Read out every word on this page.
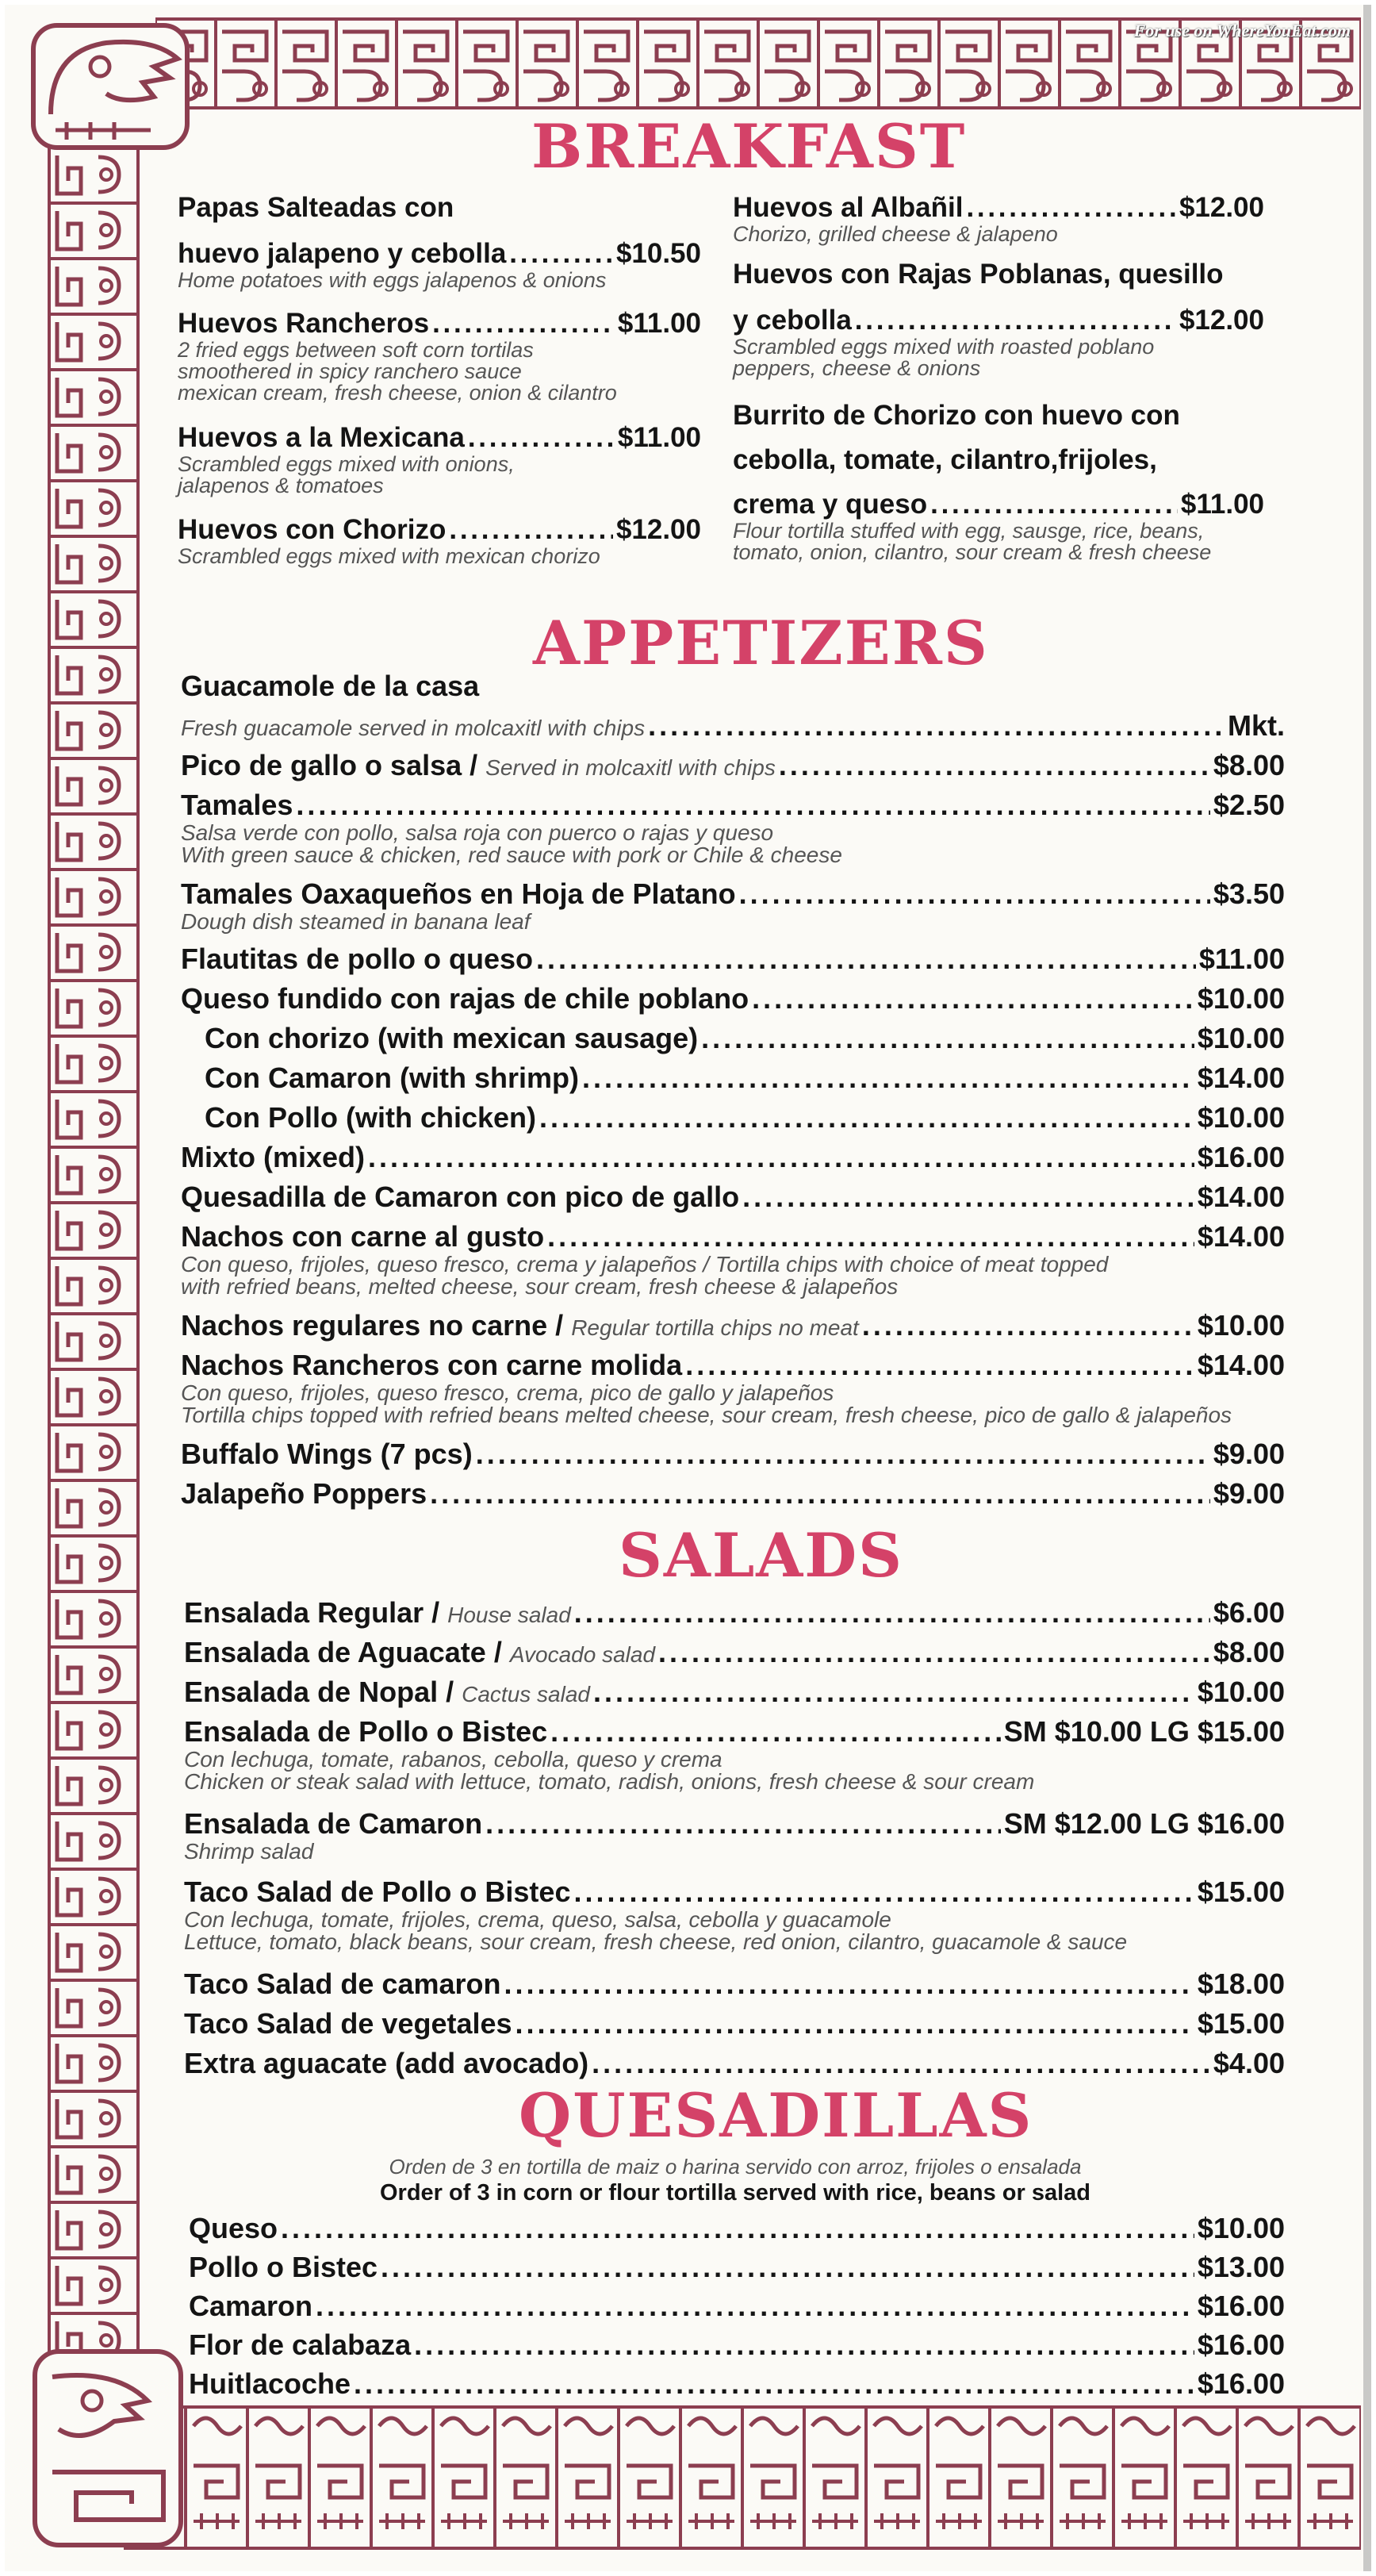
For use on WhereYouEat.com
BREAKFAST
Papas Salteadas con
huevo jalapeno y cebolla . . .	$10.50
Home potatoes with eggs jalapenos & onions
Huevos Rancheros . . .	$11.00
2 fried eggs between soft corn tortilas
smoothered in spicy ranchero sauce
mexican cream, fresh cheese, onion & cilantro
Huevos a la Mexicana . . .	$11.00
Scrambled eggs mixed with onions,
jalapenos & tomatoes
Huevos con Chorizo . . .	$12.00
Scrambled eggs mixed with mexican chorizo
Huevos al Albañil . . .	$12.00
Chorizo, grilled cheese & jalapeno
Huevos con Rajas Poblanas, quesillo
y cebolla . . .	$12.00
Scrambled eggs mixed with roasted poblano
peppers, cheese & onions
Burrito de Chorizo con huevo con
cebolla, tomate, cilantro,frijoles,
crema y queso . . .	$11.00
Flour tortilla stuffed with egg, sausge, rice, beans,
tomato, onion, cilantro, sour cream & fresh cheese
APPETIZERS
Guacamole de la casa
Fresh guacamole served in molcaxitl with chips . . .	Mkt.
Pico de gallo o salsa /
Served in molcaxitl with chips . . .	$8.00
Tamales . . .	$2.50
Salsa verde con pollo, salsa roja con puerco o rajas y queso
With green sauce & chicken, red sauce with pork or Chile & cheese
Tamales Oaxaqueños en Hoja de Platano . . .	$3.50
Dough dish steamed in banana leaf
Flautitas de pollo o queso . . .	$11.00
Queso fundido con rajas de chile poblano . . .	$10.00
Con chorizo (with mexican sausage) . . .	$10.00
Con Camaron (with shrimp) . . .	$14.00
Con Pollo (with chicken) . . .	$10.00
Mixto (mixed) . . .	$16.00
Quesadilla de Camaron con pico de gallo . . .	$14.00
Nachos con carne al gusto . . .	$14.00
Con queso, frijoles, queso fresco, crema y jalapeños / Tortilla chips with choice of meat topped
with refried beans, melted cheese, sour cream, fresh cheese & jalapeños
Nachos regulares no carne /
Regular tortilla chips no meat . . .	$10.00
Nachos Rancheros con carne molida . . .	$14.00
Con queso, frijoles, queso fresco, crema, pico de gallo y jalapeños
Tortilla chips topped with refried beans melted cheese, sour cream, fresh cheese, pico de gallo & jalapeños
Buffalo Wings (7 pcs) . . .	$9.00
Jalapeño Poppers . . .	$9.00
SALADS
Ensalada Regular /
House salad . . .	$6.00
Ensalada de Aguacate /
Avocado salad . . .	$8.00
Ensalada de Nopal /
Cactus salad . . .	$10.00
Ensalada de Pollo o Bistec . . .	SM $10.00 LG $15.00
Con lechuga, tomate, rabanos, cebolla, queso y crema
Chicken or steak salad with lettuce, tomato, radish, onions, fresh cheese & sour cream
Ensalada de Camaron . . .	SM $12.00 LG $16.00
Shrimp salad
Taco Salad de Pollo o Bistec . . .	$15.00
Con lechuga, tomate, frijoles, crema, queso, salsa, cebolla y guacamole
Lettuce, tomato, black beans, sour cream, fresh cheese, red onion, cilantro, guacamole & sauce
Taco Salad de camaron . . .	$18.00
Taco Salad de vegetales . . .	$15.00
Extra aguacate (add avocado) . . .	$4.00
QUESADILLAS
Orden de 3 en tortilla de maiz o harina servido con arroz, frijoles o ensalada
Order of 3 in corn or flour tortilla served with rice, beans or salad
Queso . . .	$10.00
Pollo o Bistec . . .	$13.00
Camaron . . .	$16.00
Flor de calabaza . . .	$16.00
Huitlacoche . . .	$16.00
